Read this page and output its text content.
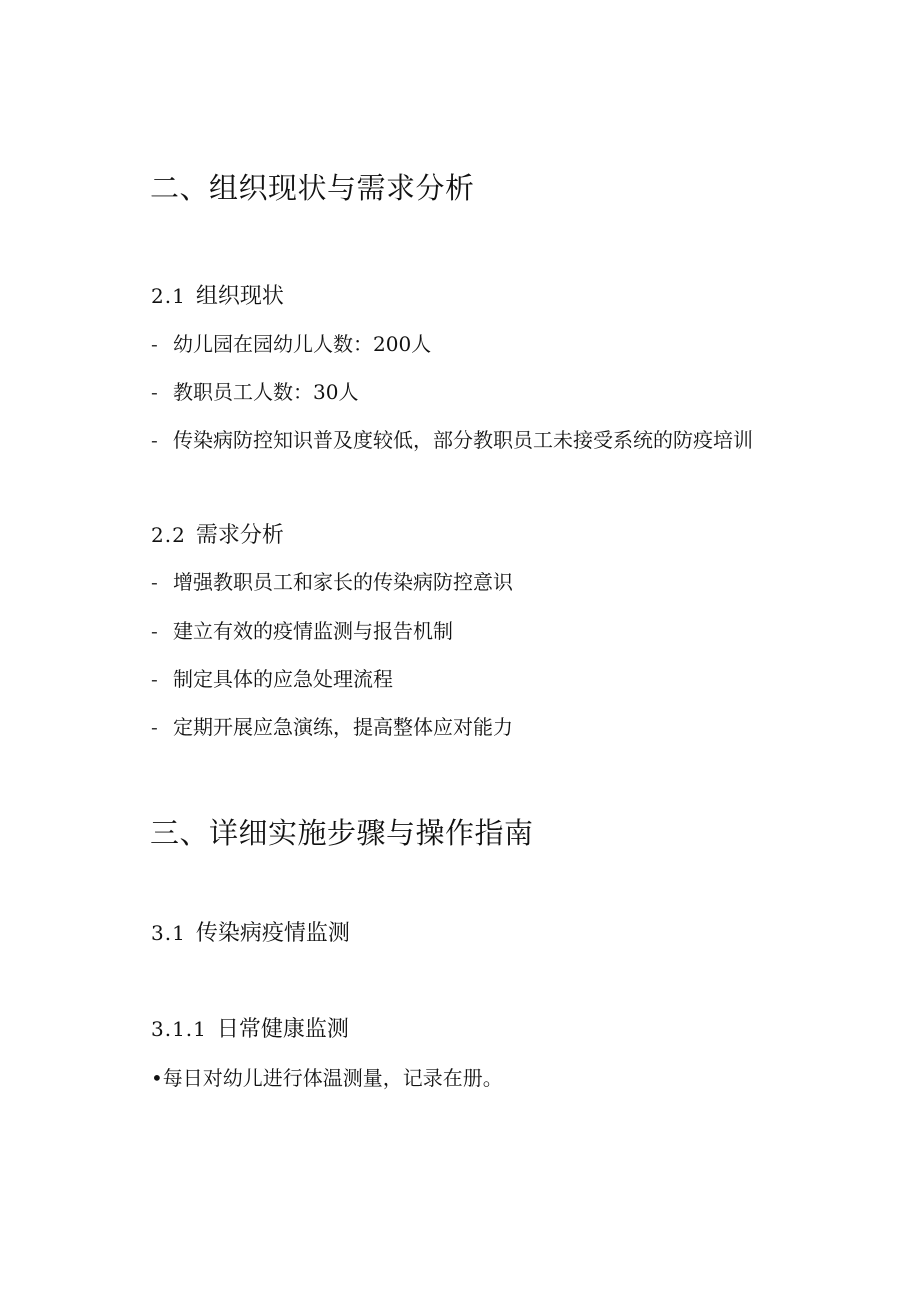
二、组织现状与需求分析
2.1 组织现状

- 幼儿园在园幼儿人数：200人

- 教职员工人数：30人

- 传染病防控知识普及度较低，部分教职员工未接受系统的防疫培训

2.2 需求分析

- 增强教职员工和家长的传染病防控意识

- 建立有效的疫情监测与报告机制

- 制定具体的应急处理流程

- 定期开展应急演练，提高整体应对能力

三、详细实施步骤与操作指南
3.1 传染病疫情监测
3.1.1 日常健康监测

•每日对幼儿进行体温测量，记录在册。
